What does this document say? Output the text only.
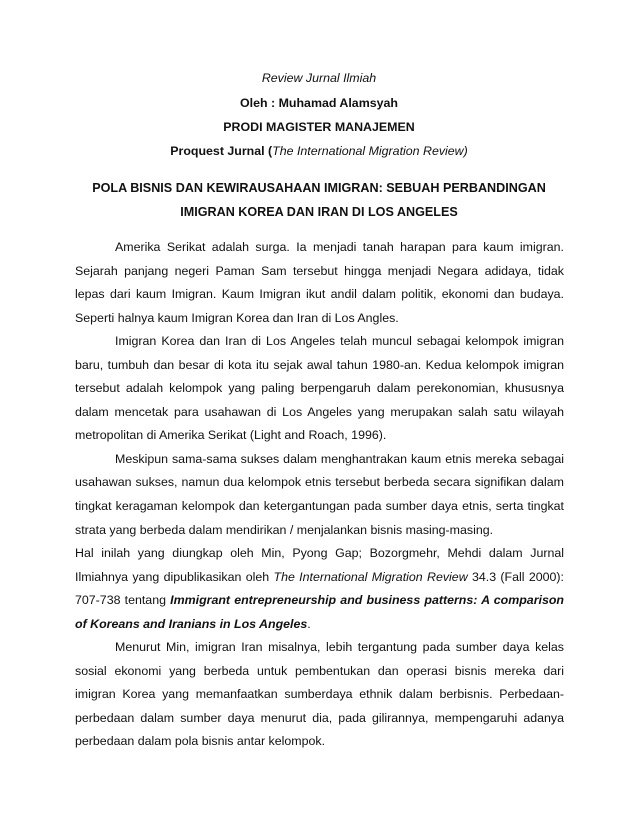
Review Jurnal Ilmiah
Oleh : Muhamad Alamsyah
PRODI MAGISTER MANAJEMEN
Proquest Jurnal (The International Migration Review)
POLA BISNIS DAN KEWIRAUSAHAAN IMIGRAN: SEBUAH PERBANDINGAN
IMIGRAN KOREA DAN IRAN DI LOS ANGELES

Amerika Serikat adalah surga. Ia menjadi tanah harapan para kaum imigran. Sejarah panjang negeri Paman Sam tersebut hingga menjadi Negara adidaya, tidak lepas dari kaum Imigran. Kaum Imigran ikut andil dalam politik, ekonomi dan budaya. Seperti halnya kaum Imigran Korea dan Iran di Los Angles.

Imigran Korea dan Iran di Los Angeles telah muncul sebagai kelompok imigran baru, tumbuh dan besar di kota itu sejak awal tahun 1980-an. Kedua kelompok imigran tersebut adalah kelompok yang paling berpengaruh dalam perekonomian, khususnya dalam mencetak para usahawan di Los Angeles yang merupakan salah satu wilayah metropolitan di Amerika Serikat (Light and Roach, 1996).

Meskipun sama-sama sukses dalam menghantrakan kaum etnis mereka sebagai usahawan sukses, namun dua kelompok etnis tersebut berbeda secara signifikan dalam tingkat keragaman kelompok dan ketergantungan pada sumber daya etnis, serta tingkat strata yang berbeda dalam mendirikan / menjalankan bisnis masing-masing.

Hal inilah yang diungkap oleh Min, Pyong Gap; Bozorgmehr, Mehdi dalam Jurnal Ilmiahnya yang dipublikasikan oleh The International Migration Review 34.3 (Fall 2000): 707-738 tentang Immigrant entrepreneurship and business patterns: A comparison of Koreans and Iranians in Los Angeles.

Menurut Min, imigran Iran misalnya, lebih tergantung pada sumber daya kelas sosial ekonomi yang berbeda untuk pembentukan dan operasi bisnis mereka dari imigran Korea yang memanfaatkan sumberdaya ethnik dalam berbisnis. Perbedaan-perbedaan dalam sumber daya menurut dia, pada gilirannya, mempengaruhi adanya perbedaan dalam pola bisnis antar kelompok.
